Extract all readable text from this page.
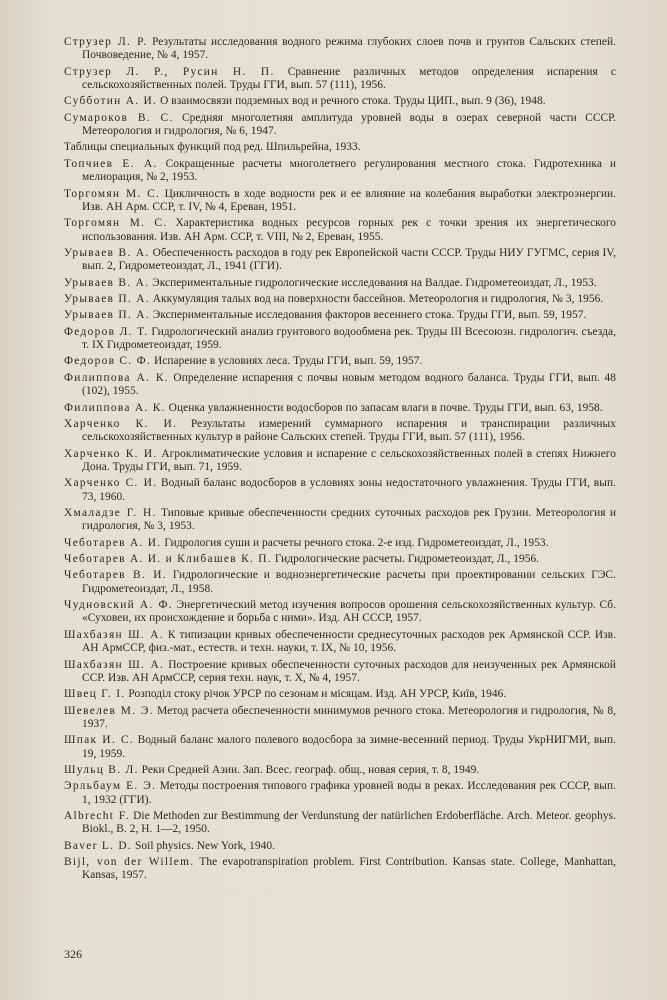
Струзер Л. Р. Результаты исследования водного режима глубоких слоев почв и грунтов Сальских степей. Почвоведение, № 4, 1957.
Струзер Л. Р., Русин Н. П. Сравнение различных методов определения испарения с сельскохозяйственных полей. Труды ГГИ, вып. 57 (111), 1956.
Субботин А. И. О взаимосвязи подземных вод и речного стока. Труды ЦИП., вып. 9 (36), 1948.
Сумароков В. С. Средняя многолетняя амплитуда уровней воды в озерах северной части СССР. Метеорология и гидрология, № 6, 1947.
Таблицы специальных функций под ред. Шпильрейна, 1933.
Топчиев Е. А. Сокращенные расчеты многолетнего регулирования местного стока. Гидротехника и мелиорация, № 2, 1953.
Торгомян М. С. Цикличность в ходе водности рек и ее влияние на колебания выработки электроэнергии. Изв. АН Арм. ССР, т. IV, № 4, Ереван, 1951.
Торгомян М. С. Характеристика водных ресурсов горных рек с точки зрения их энергетического использования. Изв. АН Арм. ССР, т. VIII, № 2, Ереван, 1955.
Урываев В. А. Обеспеченность расходов в году рек Европейской части СССР. Труды НИУ ГУГМС, серия IV, вып. 2, Гидрометеоиздат, Л., 1941 (ГГИ).
Урываев В. А. Экспериментальные гидрологические исследования на Валдае. Гидрометеоиздат, Л., 1953.
Урываев П. А. Аккумуляция талых вод на поверхности бассейнов. Метеорология и гидрология, № 3, 1956.
Урываев П. А. Экспериментальные исследования факторов весеннего стока. Труды ГГИ, вып. 59, 1957.
Федоров Л. Т. Гидрологический анализ грунтового водообмена рек. Труды III Всесоюзн. гидрологич. съезда, т. IX Гидрометеоиздат, 1959.
Федоров С. Ф. Испарение в условиях леса. Труды ГГИ, вып. 59, 1957.
Филиппова А. К. Определение испарения с почвы новым методом водного баланса. Труды ГГИ, вып. 48 (102), 1955.
Филиппова А. К. Оценка увлажненности водосборов по запасам влаги в почве. Труды ГГИ, вып. 63, 1958.
Харченко К. И. Результаты измерений суммарного испарения и транспирации различных сельскохозяйственных культур в районе Сальских степей. Труды ГГИ, вып. 57 (111), 1956.
Харченко К. И. Агроклиматические условия и испарение с сельскохозяйственных полей в степях Нижнего Дона. Труды ГГИ, вып. 71, 1959.
Харченко С. И. Водный баланс водосборов в условиях зоны недостаточного увлажнения. Труды ГГИ, вып. 73, 1960.
Хмаладзе Г. Н. Типовые кривые обеспеченности средних суточных расходов рек Грузии. Метеорология и гидрология, № 3, 1953.
Чеботарев А. И. Гидрология суши и расчеты речного стока. 2-е изд. Гидрометеоиздат, Л., 1953.
Чеботарев А. И. и Клибашев К. П. Гидрологические расчеты. Гидрометеоиздат, Л., 1956.
Чеботарев В. И. Гидрологические и водноэнергетические расчеты при проектировании сельских ГЭС. Гидрометеоиздат, Л., 1958.
Чудновский А. Ф. Энергетический метод изучения вопросов орошения сельскохозяйственных культур. Сб. «Суховеи, их происхождение и борьба с ними». Изд. АН СССР, 1957.
Шахбазян Ш. А. К типизации кривых обеспеченности среднесуточных расходов рек Армянской ССР. Изв. АН АрмССР, физ.-мат., естеств. и техн. науки, т. IX, № 10, 1956.
Шахбазян Ш. А. Построение кривых обеспеченности суточных расходов для неизученных рек Армянской ССР. Изв. АН АрмССР, серия техн. наук, т. X, № 4, 1957.
Швец Г. І. Розподіл стоку річок УРСР по сезонам и місяцам. Изд. АН УРСР, Київ, 1946.
Шевелев М. Э. Метод расчета обеспеченности минимумов речного стока. Метеорология и гидрология, № 8, 1937.
Шпак И. С. Водный баланс малого полевого водосбора за зимне-весенний период. Труды УкрНИГМИ, вып. 19, 1959.
Шульц В. Л. Реки Средней Азии. Зап. Всес. географ. общ., новая серия, т. 8, 1949.
Эрльбаум Е. Э. Методы построения типового графика уровней воды в реках. Исследования рек СССР, вып. 1, 1932 (ГГИ).
Albrecht F. Die Methoden zur Bestimmung der Verdunstung der natürlichen Erdoberfläche. Arch. Meteor. geophys. Biokl., B. 2, H. 1—2, 1950.
Baver L. D. Soil physics. New York, 1940.
Bijl, von der Willem. The evapotranspiration problem. First Contribution. Kansas state. College, Manhattan, Kansas, 1957.
326
